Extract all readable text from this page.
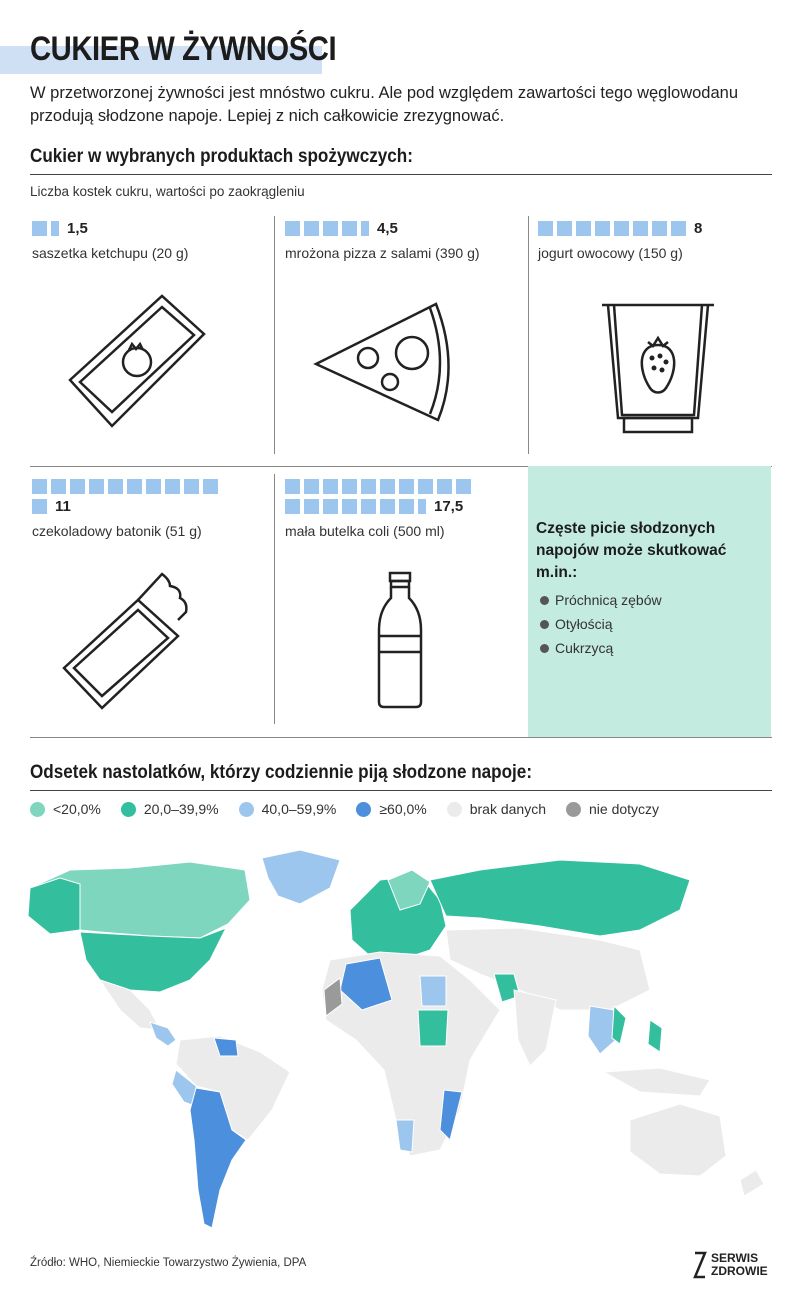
CUKIER W ŻYWNOŚCI
W przetworzonej żywności jest mnóstwo cukru. Ale pod względem zawartości tego węglowodanu przodują słodzone napoje. Lepiej z nich całkowicie zrezygnować.
Cukier w wybranych produktach spożywczych:
Liczba kostek cukru, wartości po zaokrągleniu
1,5
saszetka ketchupu (20 g)
4,5
mrożona pizza z salami (390 g)
8
jogurt owocowy (150 g)
11
czekoladowy batonik (51 g)
17,5
mała butelka coli (500 ml)	Częste picie słodzonych napojów może skutkować m.in.:
Próchnicą zębów
Otyłością
Cukrzycą
Odsetek nastolatków, którzy codziennie piją słodzone napoje:
<20,0%	20,0–39,9%	40,0–59,9%	≥60,0%	brak danych	nie dotyczy
Źródło: WHO, Niemieckie Towarzystwo Żywienia, DPA	SERWIS
ZDROWIE
